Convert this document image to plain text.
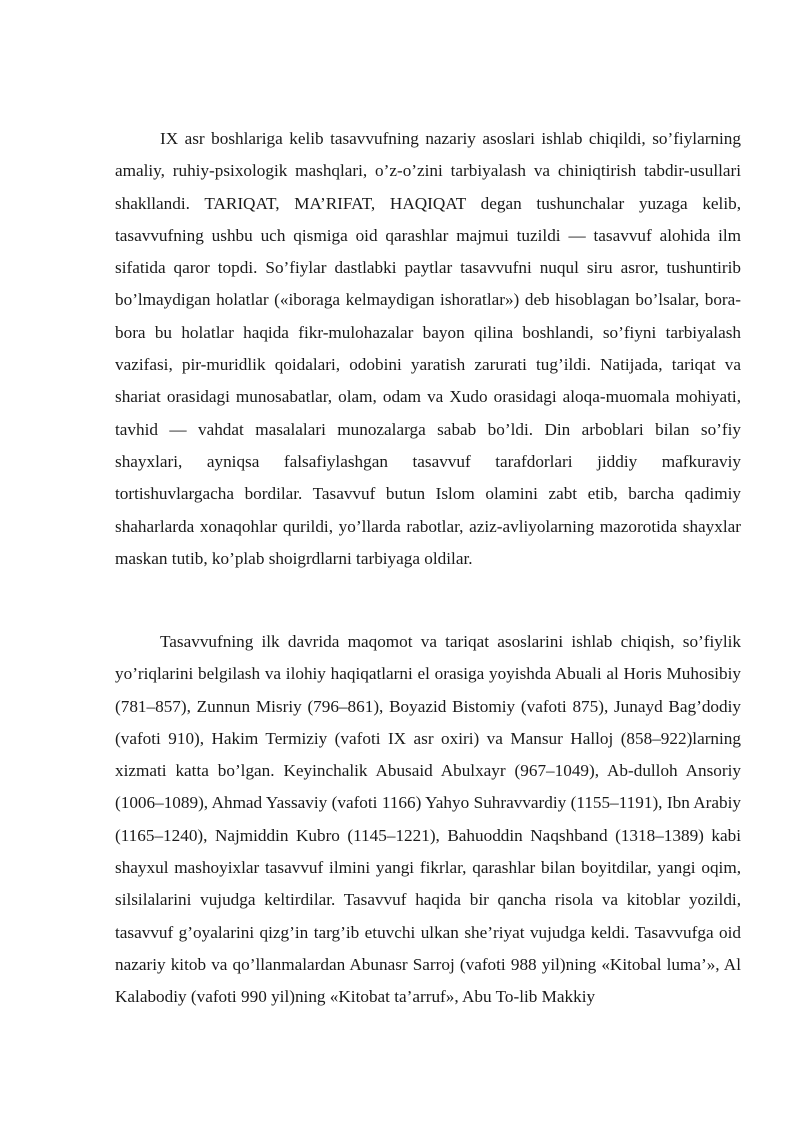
IX asr boshlariga kelib tasavvufning nazariy asoslari ishlab chiqildi, so’fiylarning amaliy, ruhiy-psixologik mashqlari, o’z-o’zini tarbiyalash va chiniqtirish tabdir-usullari shakllandi. TARIQAT, MA’RIFAT, HAQIQAT degan tushunchalar yuzaga kelib, tasavvufning ushbu uch qismiga oid qarashlar majmui tuzildi — tasavvuf alohida ilm sifatida qaror topdi. So’fiylar dastlabki paytlar tasavvufni nuqul siru asror, tushuntirib bo’lmaydigan holatlar («iboraga kelmaydigan ishoratlar») deb hisoblagan bo’lsalar, bora-bora bu holatlar haqida fikr-mulohazalar bayon qilina boshlandi, so’fiyni tarbiyalash vazifasi, pir-muridlik qoidalari, odobini yaratish zarurati tug’ildi. Natijada, tariqat va shariat orasidagi munosabatlar, olam, odam va Xudo orasidagi aloqa-muomala mohiyati, tavhid — vahdat masalalari munozalarga sabab bo’ldi. Din arboblari bilan so’fiy shayxlari, ayniqsa falsafiylashgan tasavvuf tarafdorlari jiddiy mafkuraviy tortishuvlargacha bordilar. Tasavvuf butun Islom olamini zabt etib, barcha qadimiy shaharlarda xonaqohlar qurildi, yo’llarda rabotlar, aziz-avliyolarning mazorotida shayxlar maskan tutib, ko’plab shoigrdlarni tarbiyaga oldilar.

Tasavvufning ilk davrida maqomot va tariqat asoslarini ishlab chiqish, so’fiylik yo’riqlarini belgilash va ilohiy haqiqatlarni el orasiga yoyishda Abuali al Horis Muhosibiy (781–857), Zunnun Misriy (796–861), Boyazid Bistomiy (vafoti 875), Junayd Bag’dodiy (vafoti 910), Hakim Termiziy (vafoti IX asr oxiri) va Mansur Halloj (858–922)larning xizmati katta bo’lgan. Keyinchalik Abusaid Abulxayr (967–1049), Ab-dulloh Ansoriy (1006–1089), Ahmad Yassaviy (vafoti 1166) Yahyo Suhravvardiy (1155–1191), Ibn Arabiy (1165–1240), Najmiddin Kubro (1145–1221), Bahuoddin Naqshband (1318–1389) kabi shayxul mashoyixlar tasavvuf ilmini yangi fikrlar, qarashlar bilan boyitdilar, yangi oqim, silsilalarini vujudga keltirdilar. Tasavvuf haqida bir qancha risola va kitoblar yozildi, tasavvuf g’oyalarini qizg’in targ’ib etuvchi ulkan she’riyat vujudga keldi. Tasavvufga oid nazariy kitob va qo’llanmalardan Abunasr Sarroj (vafoti 988 yil)ning «Kitobal luma’», Al Kalabodiy (vafoti 990 yil)ning «Kitobat ta’arruf», Abu To-lib Makkiy
